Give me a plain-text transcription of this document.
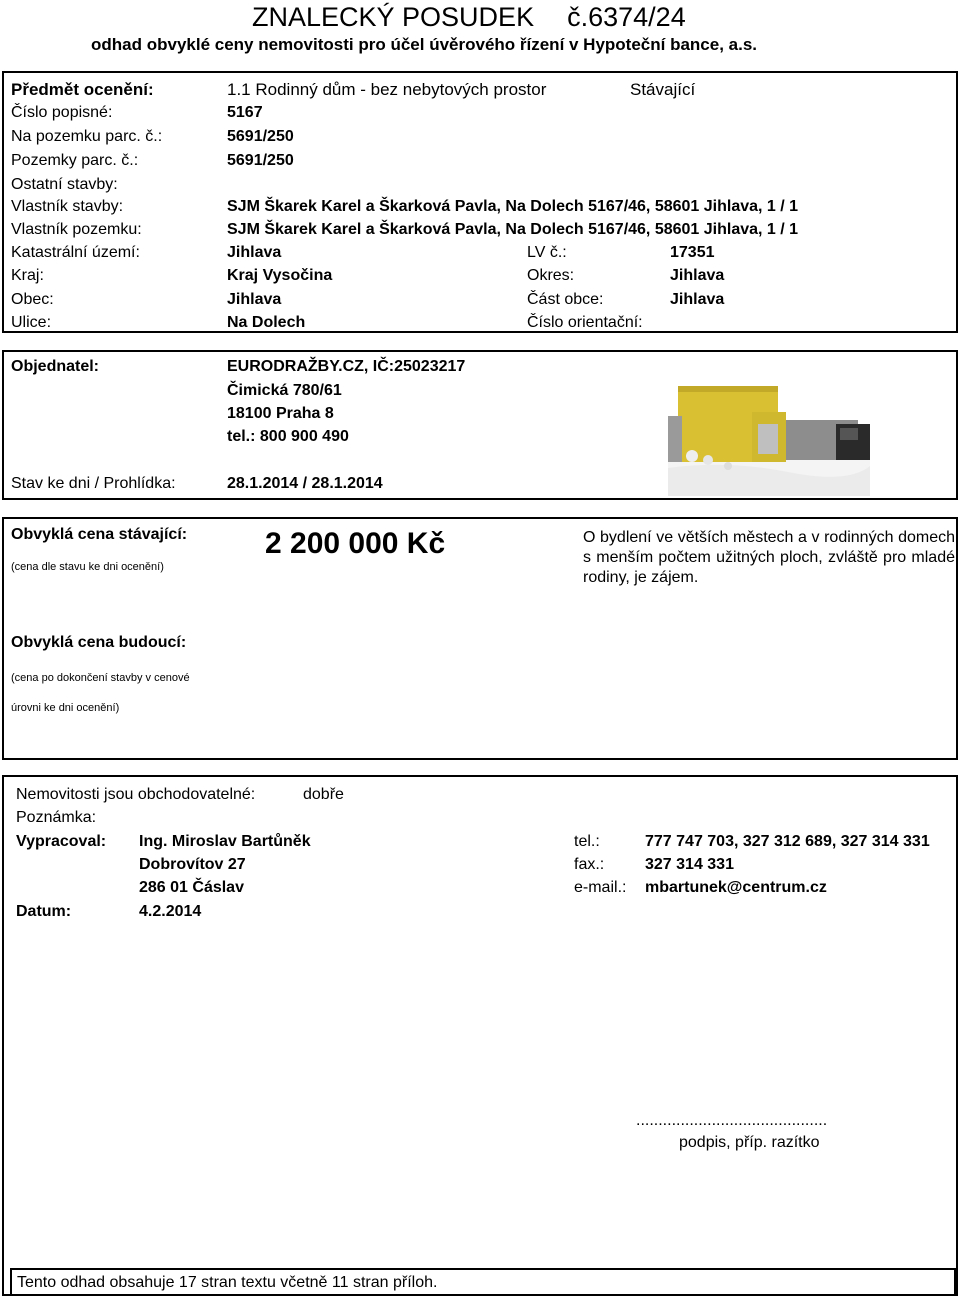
ZNALECKÝ POSUDEK č.6374/24
odhad obvyklé ceny nemovitosti pro účel úvěrového řízení v Hypoteční bance, a.s.
Předmět ocenění:	1.1 Rodinný dům - bez nebytových prostor	Stávající
Číslo popisné:	5167
Na pozemku parc. č.:	5691/250
Pozemky parc. č.:	5691/250
Ostatní stavby:
Vlastník stavby:	SJM Škarek Karel a Škarková Pavla, Na Dolech 5167/46, 58601 Jihlava, 1 / 1
Vlastník pozemku:	SJM Škarek Karel a Škarková Pavla, Na Dolech 5167/46, 58601 Jihlava, 1 / 1
Katastrální území:	Jihlava	LV č.:	17351
Kraj:	Kraj Vysočina	Okres:	Jihlava
Obec:	Jihlava	Část obce:	Jihlava
Ulice:	Na Dolech	Číslo orientační:
Objednatel:	EURODRAŽBY.CZ, IČ:25023217
Čimická 780/61
18100 Praha 8
tel.: 800 900 490
Stav ke dni / Prohlídka:	28.1.2014 / 28.1.2014
Obvyklá cena stávající:
(cena dle stavu ke dni ocenění)
2 200 000 Kč	O bydlení ve větších městech a v rodinných domech s menším počtem užitných ploch, zvláště pro mladé rodiny, je zájem.
Obvyklá cena budoucí:
(cena po dokončení stavby v cenové
úrovni ke dni ocenění)
Nemovitosti jsou obchodovatelné:	dobře
Poznámka:
Vypracoval: Ing. Miroslav Bartůněk
Dobrovítov 27
286 01 Čáslav
tel.:	777 747 703, 327 312 689, 327 314 331
fax.:	327 314 331
e-mail.: mbartunek@centrum.cz
Datum:	4.2.2014
...........................................
podpis, příp. razítko
Tento odhad obsahuje 17 stran textu včetně 11 stran příloh.
